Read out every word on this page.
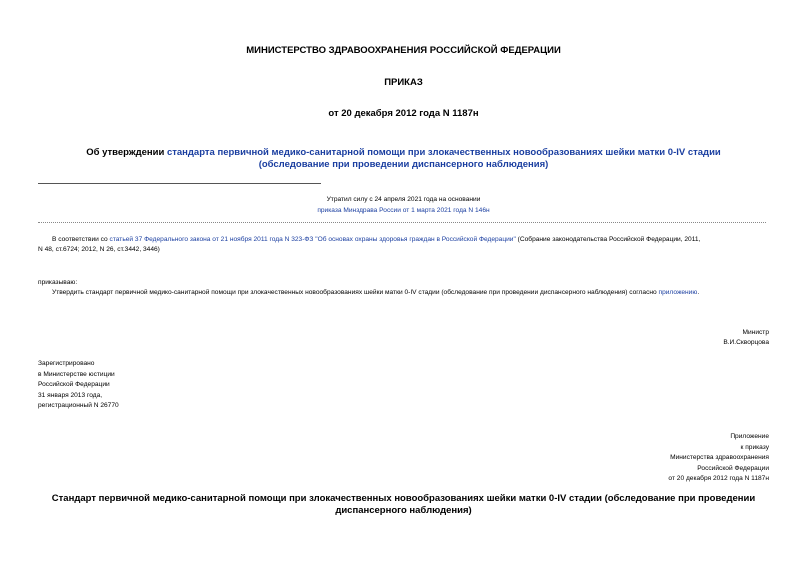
МИНИСТЕРСТВО ЗДРАВООХРАНЕНИЯ РОССИЙСКОЙ ФЕДЕРАЦИИ
ПРИКАЗ
от 20 декабря 2012 года N 1187н
Об утверждении стандарта первичной медико-санитарной помощи при злокачественных новообразованиях шейки матки 0-IV стадии (обследование при проведении диспансерного наблюдения)
Утратил силу с 24 апреля 2021 года на основании
приказа Минздрава России от 1 марта 2021 года N 146н
В соответствии со статьей 37 Федерального закона от 21 ноября 2011 года N 323-ФЗ "Об основах охраны здоровья граждан в Российской Федерации" (Собрание законодательства Российской Федерации, 2011,
N 48, ст.6724; 2012, N 26, ст.3442, 3446)
приказываю:
Утвердить стандарт первичной медико-санитарной помощи при злокачественных новообразованиях шейки матки 0-IV стадии (обследование при проведении диспансерного наблюдения) согласно приложению.
Министр
В.И.Скворцова
Зарегистрировано
в Министерстве юстиции
Российской Федерации
31 января 2013 года,
регистрационный N 26770
Приложение
к приказу
Министерства здравоохранения
Российской Федерации
от 20 декабря 2012 года N 1187н
Стандарт первичной медико-санитарной помощи при злокачественных новообразованиях шейки матки 0-IV стадии (обследование при проведении диспансерного наблюдения)
